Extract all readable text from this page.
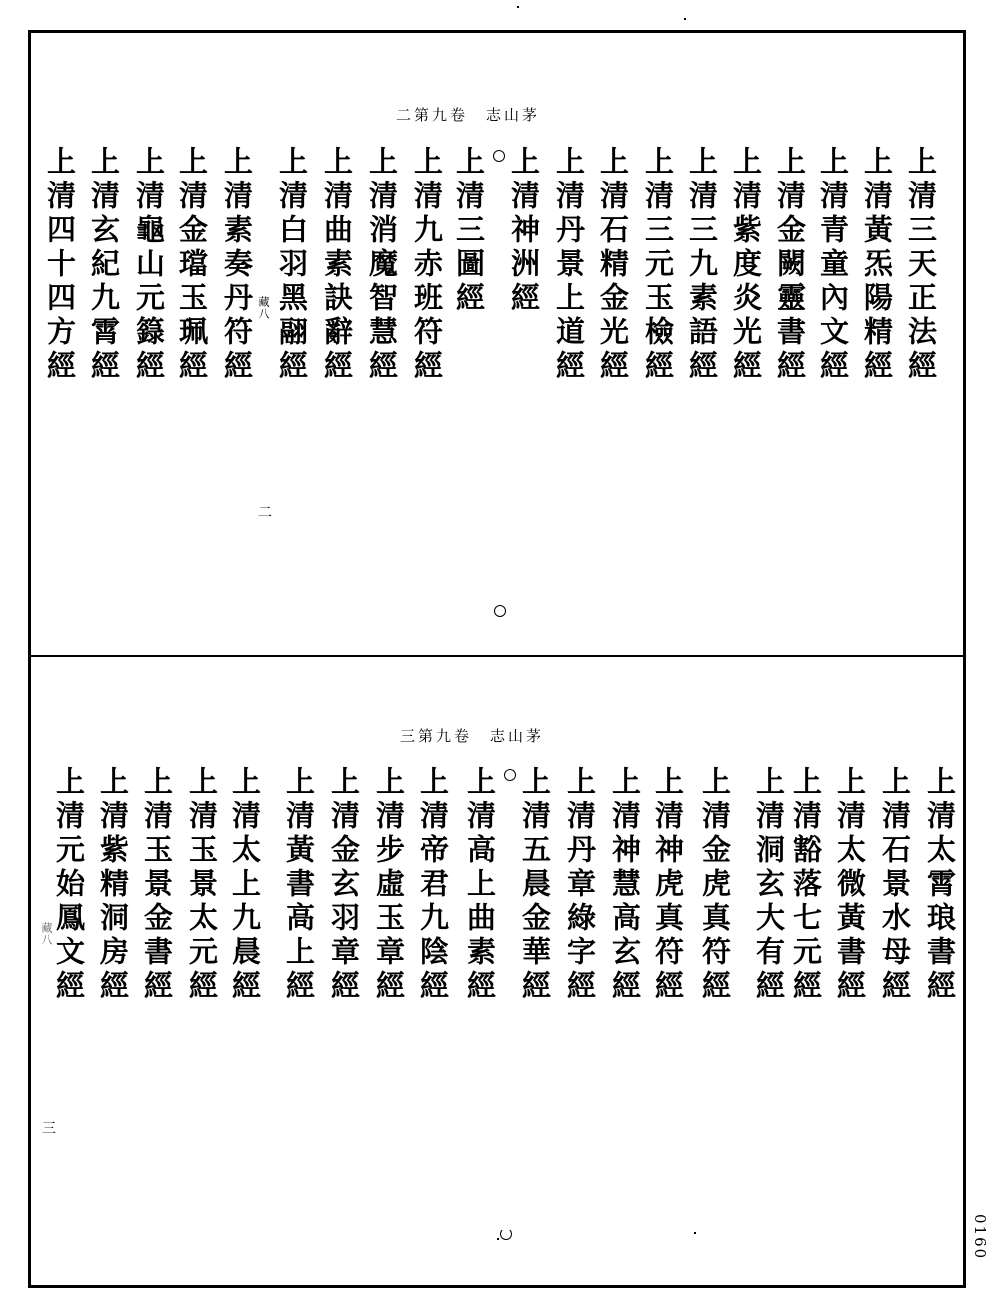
二第九卷　志山茅
上清三天正法經
上清黃炁陽精經
上清青童內文經
上清金闕靈書經
上清紫度炎光經
上清三九素語經
上清三元玉檢經
上清石精金光經
上清丹景上道經
上清神洲經
上清三圖經
上清九赤班符經
上清消魔智慧經
上清曲素訣辭經
上清白羽黑翮經
上清素奏丹符經
上清金璫玉珮經
上清龜山元籙經
上清玄紀九霄經
上清四十四方經	藏八
二
三第九卷　志山茅
上清太霄琅書經
上清石景水母經
上清太微黃書經
上清豁落七元經
上清洞玄大有經
上清金虎真符經
上清神虎真符經
上清神慧高玄經
上清丹章綠字經
上清五晨金華經
上清高上曲素經
上清帝君九陰經
上清步虛玉章經
上清金玄羽章經
上清黃書高上經
上清太上九晨經
上清玉景太元經
上清玉景金書經
上清紫精洞房經
上清元始鳳文經
藏八
三
0160
